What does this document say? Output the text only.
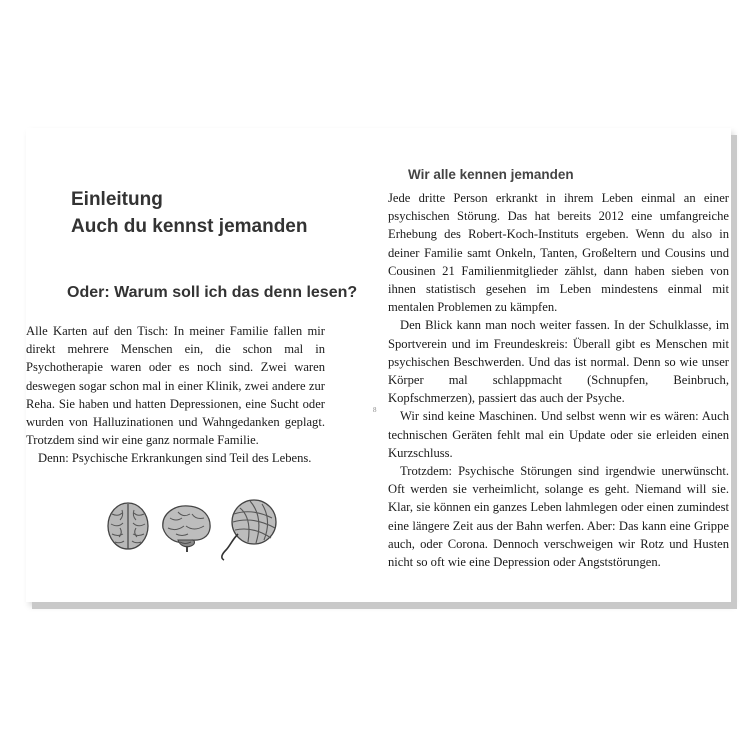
Einleitung
Auch du kennst jemanden
Oder: Warum soll ich das denn lesen?

Alle Karten auf den Tisch: In meiner Familie fallen mir direkt mehrere Menschen ein, die schon mal in Psychotherapie waren oder es noch sind. Zwei waren deswegen sogar schon mal in einer Klinik, zwei andere zur Reha. Sie haben und hatten Depressionen, eine Sucht oder wurden von Halluzinationen und Wahngedanken geplagt. Trotzdem sind wir eine ganz normale Familie.

Denn: Psychische Erkrankungen sind Teil des Lebens.

8
Wir alle kennen jemanden

Jede dritte Person erkrankt in ihrem Leben einmal an einer psychischen Störung. Das hat bereits 2012 eine umfangreiche Erhebung des Robert-Koch-Instituts ergeben. Wenn du also in deiner Familie samt Onkeln, Tanten, Großeltern und Cousins und Cousinen 21 Familienmitglieder zählst, dann haben sieben von ihnen statistisch gesehen im Leben mindestens einmal mit mentalen Problemen zu kämpfen.

Den Blick kann man noch weiter fassen. In der Schulklasse, im Sportverein und im Freundeskreis: Überall gibt es Menschen mit psychischen Beschwerden. Und das ist normal. Denn so wie unser Körper mal schlappmacht (Schnupfen, Beinbruch, Kopfschmerzen), passiert das auch der Psyche.

Wir sind keine Maschinen. Und selbst wenn wir es wären: Auch technischen Geräten fehlt mal ein Update oder sie erleiden einen Kurzschluss.

Trotzdem: Psychische Störungen sind irgendwie unerwünscht. Oft werden sie verheimlicht, solange es geht. Niemand will sie. Klar, sie können ein ganzes Leben lahmlegen oder einen zumindest eine längere Zeit aus der Bahn werfen. Aber: Das kann eine Grippe auch, oder Corona. Dennoch verschweigen wir Rotz und Husten nicht so oft wie eine Depression oder Angststörungen.
